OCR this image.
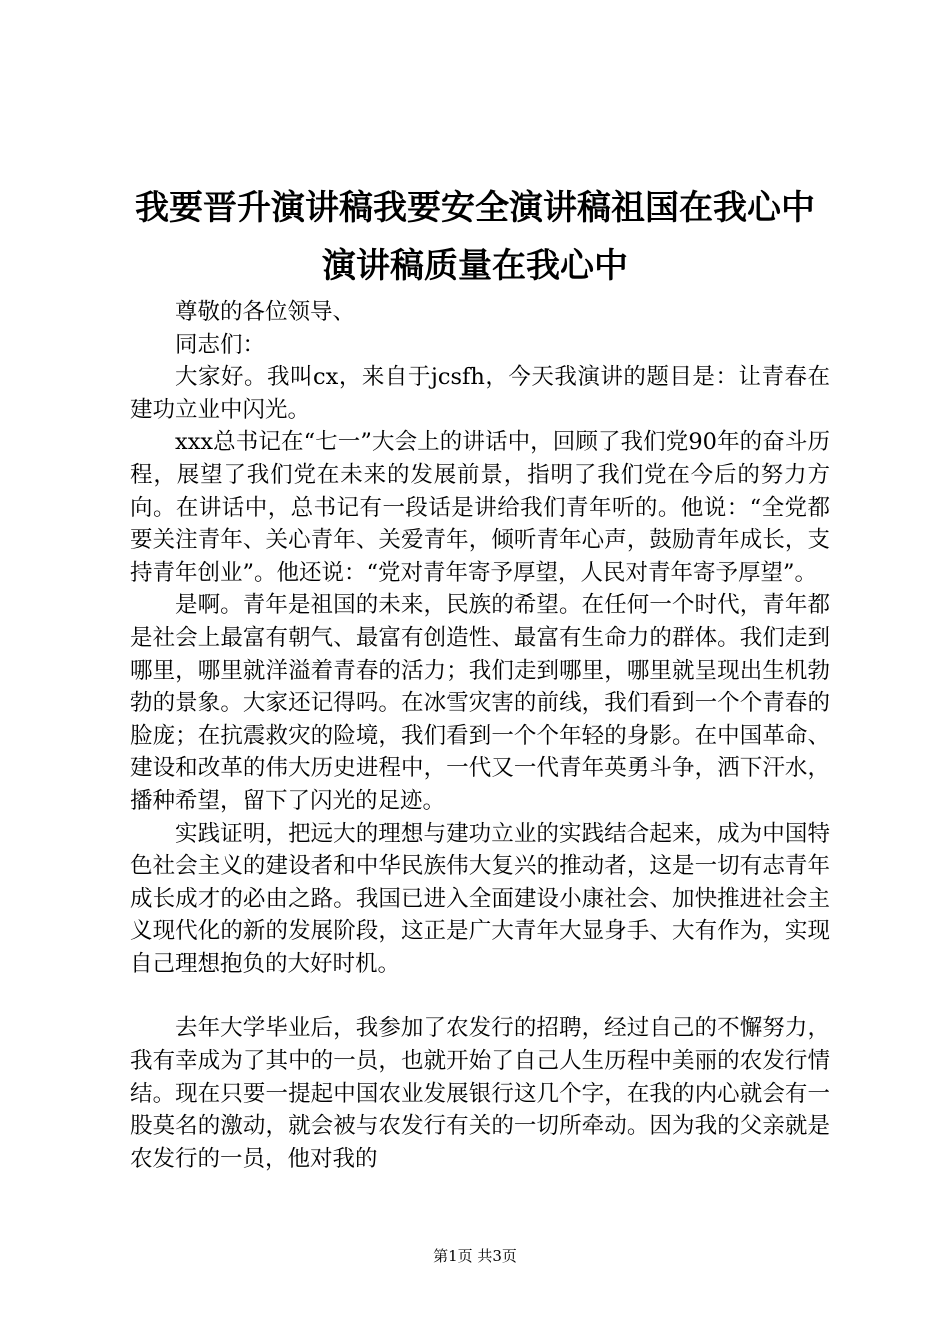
我要晋升演讲稿我要安全演讲稿祖国在我心中
演讲稿质量在我心中

尊敬的各位领导、

同志们：

大家好。我叫cx，来自于jcsfh，今天我演讲的题目是：让青春在建功立业中闪光。

xxx总书记在“七一”大会上的讲话中，回顾了我们党90年的奋斗历程，展望了我们党在未来的发展前景，指明了我们党在今后的努力方向。在讲话中，总书记有一段话是讲给我们青年听的。他说：“全党都要关注青年、关心青年、关爱青年，倾听青年心声，鼓励青年成长，支持青年创业”。他还说：“党对青年寄予厚望，人民对青年寄予厚望”。

是啊。青年是祖国的未来，民族的希望。在任何一个时代，青年都是社会上最富有朝气、最富有创造性、最富有生命力的群体。我们走到哪里，哪里就洋溢着青春的活力；我们走到哪里，哪里就呈现出生机勃勃的景象。大家还记得吗。在冰雪灾害的前线，我们看到一个个青春的脸庞；在抗震救灾的险境，我们看到一个个年轻的身影。在中国革命、建设和改革的伟大历史进程中，一代又一代青年英勇斗争，洒下汗水，播种希望，留下了闪光的足迹。

实践证明，把远大的理想与建功立业的实践结合起来，成为中国特色社会主义的建设者和中华民族伟大复兴的推动者，这是一切有志青年成长成才的必由之路。我国已进入全面建设小康社会、加快推进社会主义现代化的新的发展阶段，这正是广大青年大显身手、大有作为，实现自己理想抱负的大好时机。

去年大学毕业后，我参加了农发行的招聘，经过自己的不懈努力，我有幸成为了其中的一员，也就开始了自己人生历程中美丽的农发行情结。现在只要一提起中国农业发展银行这几个字，在我的内心就会有一股莫名的激动，就会被与农发行有关的一切所牵动。因为我的父亲就是农发行的一员，他对我的

第1页 共3页
